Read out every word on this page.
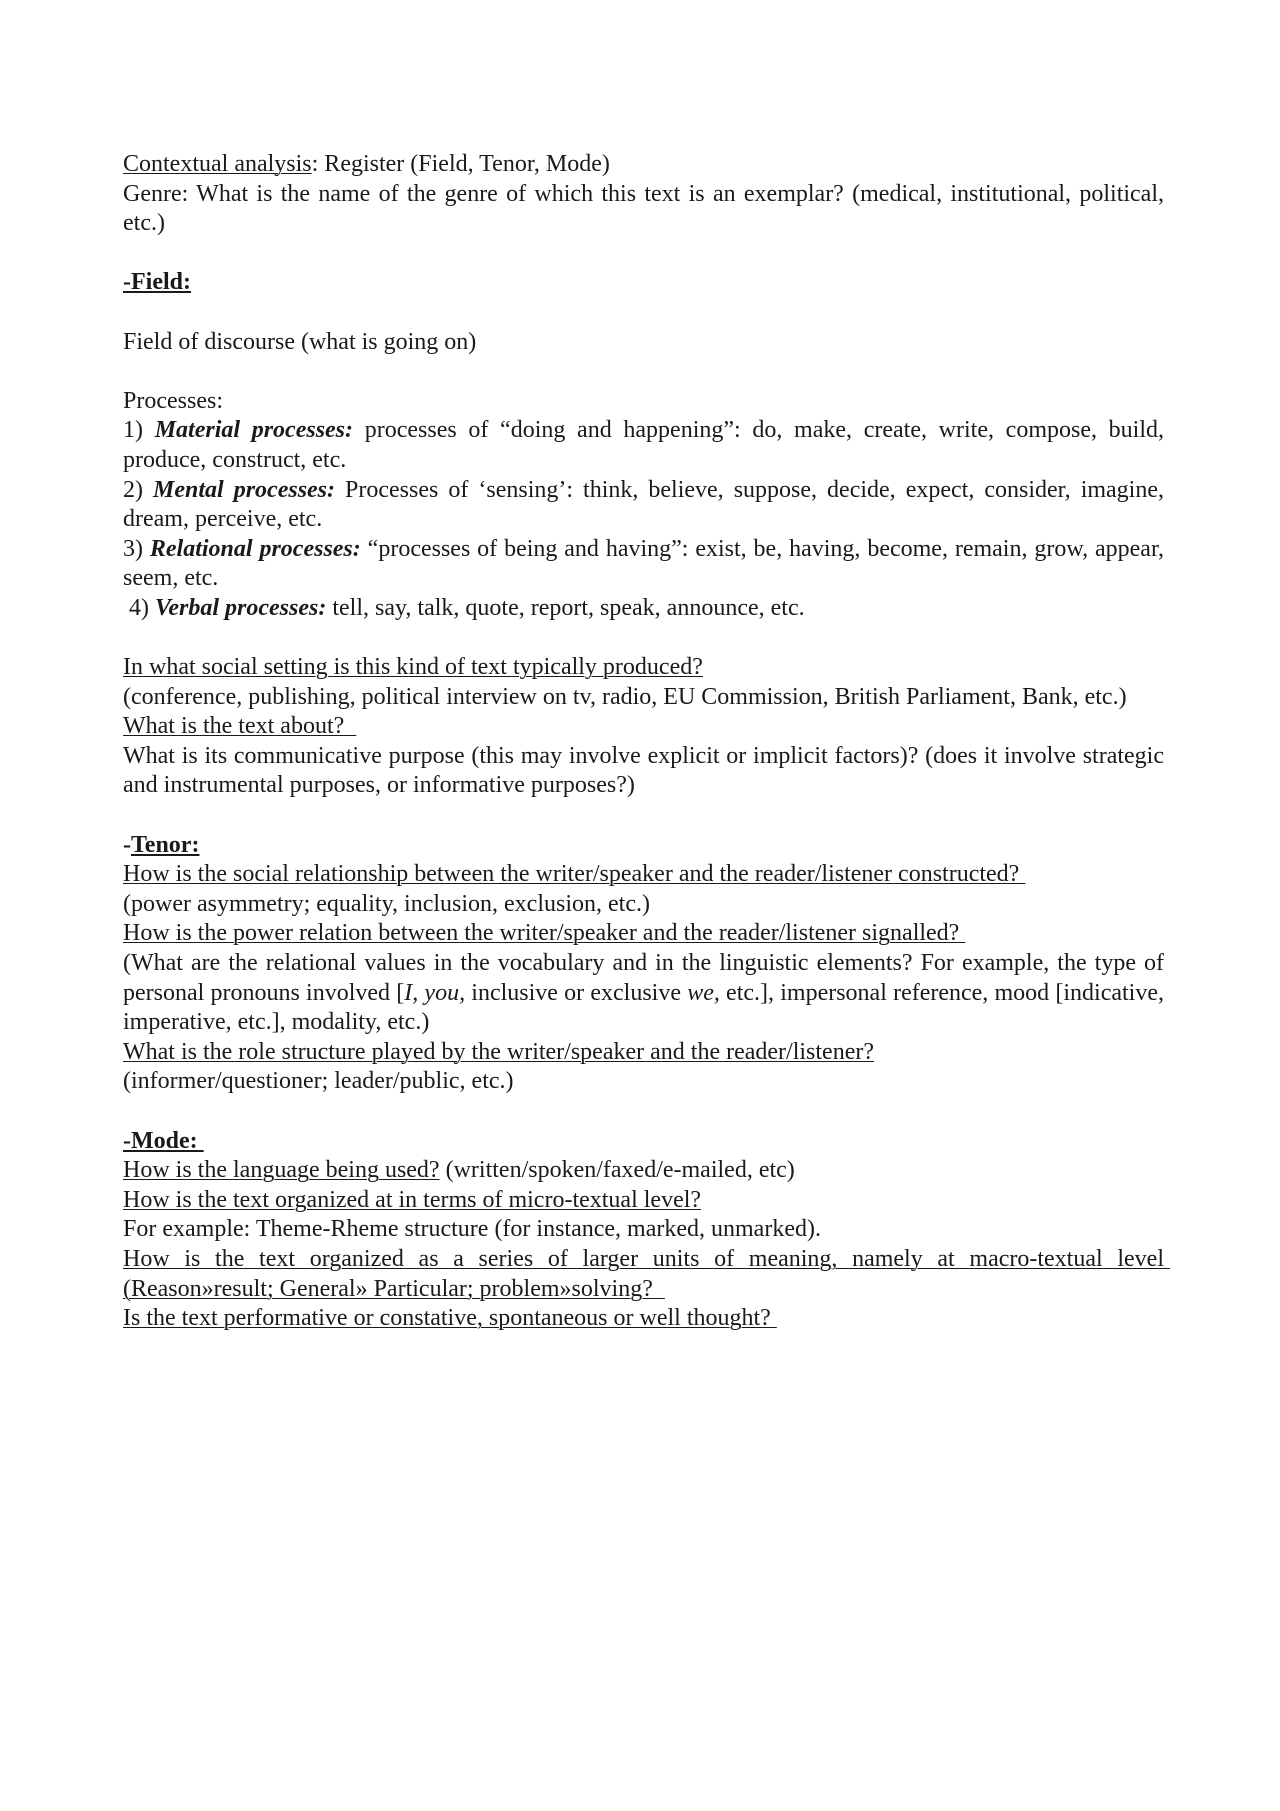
Contextual analysis: Register (Field, Tenor, Mode)

Genre: What is the name of the genre of which this text is an exemplar? (medical, institutional, political, etc.)

-Field:

Field of discourse (what is going on)

Processes:

1) Material processes: processes of “doing and happening”: do, make, create, write, compose, build, produce, construct, etc.

2) Mental processes: Processes of ‘sensing’: think, believe, suppose, decide, expect, consider, imagine, dream, perceive, etc.

3) Relational processes: “processes of being and having”: exist, be, having, become, remain, grow, appear, seem, etc.

4) Verbal processes: tell, say, talk, quote, report, speak, announce, etc.

In what social setting is this kind of text typically produced?

(conference, publishing, political interview on tv, radio, EU Commission, British Parliament, Bank, etc.)

What is the text about?

What is its communicative purpose (this may involve explicit or implicit factors)? (does it involve strategic and instrumental purposes, or informative purposes?)

-Tenor:

How is the social relationship between the writer/speaker and the reader/listener constructed?

(power asymmetry; equality, inclusion, exclusion, etc.)

How is the power relation between the writer/speaker and the reader/listener signalled?

(What are the relational values in the vocabulary and in the linguistic elements? For example, the type of personal pronouns involved [I, you, inclusive or exclusive we, etc.], impersonal reference, mood [indicative, imperative, etc.], modality, etc.)

What is the role structure played by the writer/speaker and the reader/listener?

(informer/questioner; leader/public, etc.)

-Mode:

How is the language being used? (written/spoken/faxed/e-mailed, etc)

How is the text organized at in terms of micro-textual level?

For example: Theme-Rheme structure (for instance, marked, unmarked).

How is the text organized as a series of larger units of meaning, namely at macro-textual level (Reason»result; General» Particular; problem»solving?

Is the text performative or constative, spontaneous or well thought?
